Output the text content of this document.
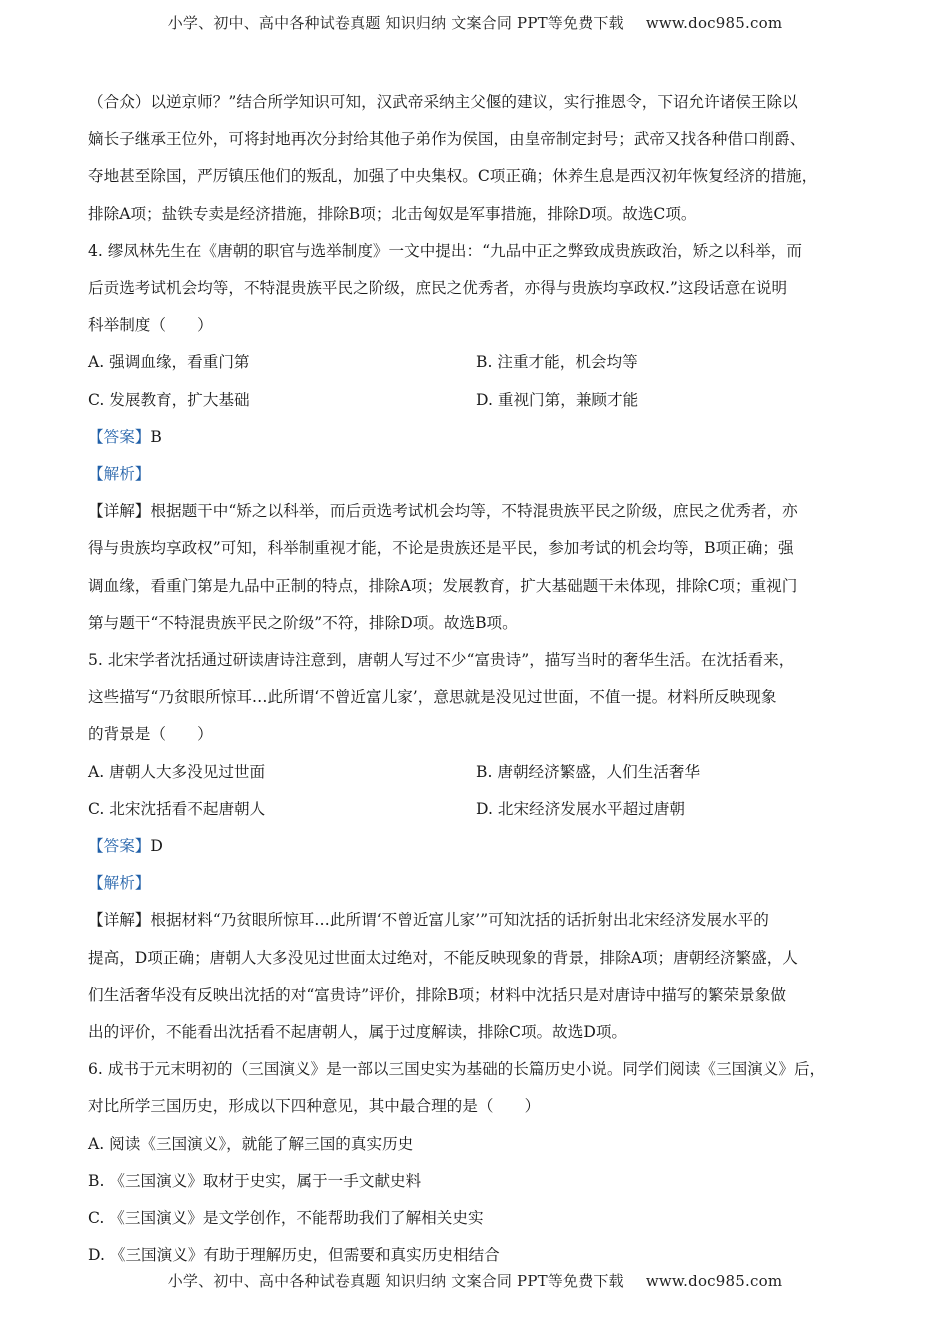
小学、初中、高中各种试卷真题 知识归纳 文案合同 PPT等免费下载 www.doc985.com

（合众）以逆京师？”结合所学知识可知，汉武帝采纳主父偃的建议，实行推恩令，下诏允许诸侯王除以

嫡长子继承王位外，可将封地再次分封给其他子弟作为侯国，由皇帝制定封号；武帝又找各种借口削爵、

夺地甚至除国，严厉镇压他们的叛乱，加强了中央集权。C项正确；休养生息是西汉初年恢复经济的措施，

排除A项；盐铁专卖是经济措施，排除B项；北击匈奴是军事措施，排除D项。故选C项。

4. 缪凤林先生在《唐朝的职官与选举制度》一文中提出：“九品中正之弊致成贵族政治，矫之以科举，而

后贡选考试机会均等，不特混贵族平民之阶级，庶民之优秀者，亦得与贵族均享政权.”这段话意在说明

科举制度（　　）

A. 强调血缘，看重门第	B. 注重才能，机会均等

C. 发展教育，扩大基础	D. 重视门第，兼顾才能

【答案】B

【解析】

【详解】根据题干中“矫之以科举，而后贡选考试机会均等，不特混贵族平民之阶级，庶民之优秀者，亦

得与贵族均享政权”可知，科举制重视才能，不论是贵族还是平民，参加考试的机会均等，B项正确；强

调血缘，看重门第是九品中正制的特点，排除A项；发展教育，扩大基础题干未体现，排除C项；重视门

第与题干“不特混贵族平民之阶级”不符，排除D项。故选B项。

5. 北宋学者沈括通过研读唐诗注意到，唐朝人写过不少“富贵诗”，描写当时的奢华生活。在沈括看来，

这些描写“乃贫眼所惊耳…此所谓‘不曾近富儿家’，意思就是没见过世面，不值一提。材料所反映现象

的背景是（　　）

A. 唐朝人大多没见过世面	B. 唐朝经济繁盛，人们生活奢华

C. 北宋沈括看不起唐朝人	D. 北宋经济发展水平超过唐朝

【答案】D

【解析】

【详解】根据材料“乃贫眼所惊耳…此所谓‘不曾近富儿家’”可知沈括的话折射出北宋经济发展水平的

提高，D项正确；唐朝人大多没见过世面太过绝对，不能反映现象的背景，排除A项；唐朝经济繁盛，人

们生活奢华没有反映出沈括的对“富贵诗”评价，排除B项；材料中沈括只是对唐诗中描写的繁荣景象做

出的评价，不能看出沈括看不起唐朝人，属于过度解读，排除C项。故选D项。

6. 成书于元末明初的（三国演义》是一部以三国史实为基础的长篇历史小说。同学们阅读《三国演义》后，

对比所学三国历史，形成以下四种意见，其中最合理的是（　　）

A. 阅读《三国演义》，就能了解三国的真实历史

B. 《三国演义》取材于史实，属于一手文献史料

C. 《三国演义》是文学创作，不能帮助我们了解相关史实

D. 《三国演义》有助于理解历史，但需要和真实历史相结合

小学、初中、高中各种试卷真题 知识归纳 文案合同 PPT等免费下载 www.doc985.com
